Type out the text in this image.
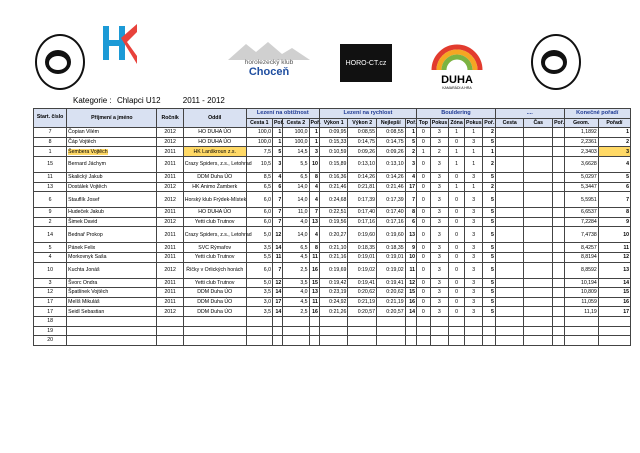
horolezecký klub
Choceň
HORO-CT.cz
DUHA
KAMARÁDI A HRA
Kategorie : Chlapci U12	2011 - 2012
Start. číslo	Příjmení a jméno	Ročník	Oddíl	Lezení na obtížnost				Lezení na rychlost				Bouldering					....			Konečné pořadí	
				Cesta 1	Poř.	Cesta 2	Poř.	Výkon 1	Výkon 2	Nejlepší	Poř.	Top	Pokus	Zóna	Pokus	Poř.	Cesta	Čas	Poř.	Geom.	Pořadí
7	Čopian Vilém	2012	HO DUHA ÚO	100,0	1	100,0	1	0:09,95	0:08,55	0:08,55	1	0	3	1	1	2				1,1892	1
8	Čáp Vojtěch	2012	HO DUHA ÚO	100,0	1	100,0	1	0:15,33	0:14,75	0:14,75	5	0	3	0	3	5				2,2361	2
1	Šembera Vojtěch	2011	HK Lanškroun z.s.	7,5	5	14,5	3	0:10,59	0:09,26	0:09,26	2	1	2	1	1	1				2,3403	3
15	Bernard Jáchym	2011	Crazy Spiders, z.s., Letohrad	10,5	3	5,5	10	0:15,89	0:13,10	0:13,10	3	0	3	1	1	2				3,6628	4
11	Skalický Jakub	2011	DDM Duha ÚO	8,5	4	6,5	8	0:16,36	0:14,26	0:14,26	4	0	3	0	3	5				5,0297	5
13	Dostálek Vojtěch	2012	HK Animo Žamberk	6,5	6	14,0	4	0:21,46	0:21,81	0:21,46	17	0	3	1	1	2				5,3447	6
6	Stauflík Josef	2012	Horský klub Frýdek-Místek	6,0	7	14,0	4	0:24,68	0:17,39	0:17,39	7	0	3	0	3	5				5,5951	7
9	Hudeček Jakub	2011	HO DUHA ÚO	6,0	7	11,0	7	0:22,51	0:17,40	0:17,40	8	0	3	0	3	5				6,6537	8
2	Šimek David	2012	Yetti club Trutnov	6,0	7	4,0	13	0:19,56	0:17,16	0:17,16	6	0	3	0	3	5				7,2284	9
14	Bednař Prokop	2011	Crazy Spiders, z.s., Letohrad	5,0	12	14,0	4	0:20,27	0:19,60	0:19,60	13	0	3	0	3	5				7,4738	10
5	Pánek Felix	2011	SVC Rýmařov	3,5	14	6,5	8	0:21,10	0:18,35	0:18,35	9	0	3	0	3	5				8,4257	11
4	Morkovnyk Saša	2011	Yetti club Trutnov	5,5	11	4,5	11	0:21,16	0:19,01	0:19,01	10	0	3	0	3	5				8,8194	12
10	Kuchta Jonáš	2012	Říčky v Orlických horách	6,0	7	2,5	16	0:19,69	0:19,02	0:19,02	11	0	3	0	3	5				8,8592	13
3	Švorc Ondra	2011	Yetti club Trutnov	5,0	12	3,5	15	0:19,42	0:19,41	0:19,41	12	0	3	0	3	5				10,194	14
12	Špatlínek Vojtěch	2011	DDM Duha ÚO	3,5	14	4,0	13	0:23,19	0:20,62	0:20,62	15	0	3	0	3	5				10,809	15
17	Melíš Mikuláš	2011	DDM Duha ÚO	3,0	17	4,5	11	0:24,92	0:21,19	0:21,19	16	0	3	0	3	5				11,059	16
17	Seidl Sebastian	2012	DDM Duha ÚO	3,5	14	2,5	16	0:21,26	0:20,57	0:20,57	14	0	3	0	3	5				11,19	17
18																					
19																					
20																					
